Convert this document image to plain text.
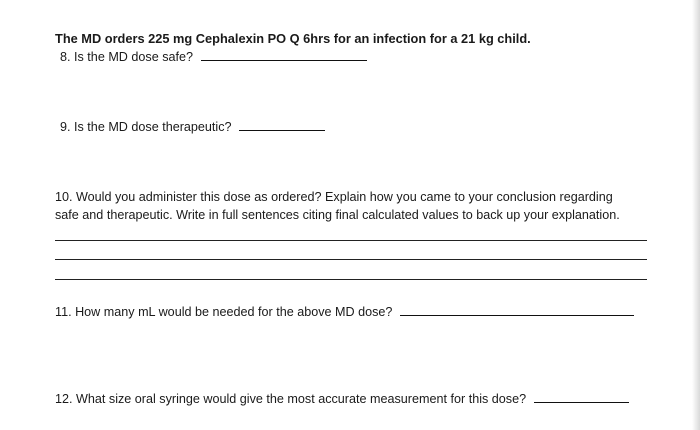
The MD orders 225 mg Cephalexin PO Q 6hrs for an infection for a 21 kg child.
8. Is the MD dose safe?
9. Is the MD dose therapeutic?
10. Would you administer this dose as ordered? Explain how you came to your conclusion regarding
safe and therapeutic. Write in full sentences citing final calculated values to back up your explanation.
11. How many mL would be needed for the above MD dose?
12. What size oral syringe would give the most accurate measurement for this dose?
